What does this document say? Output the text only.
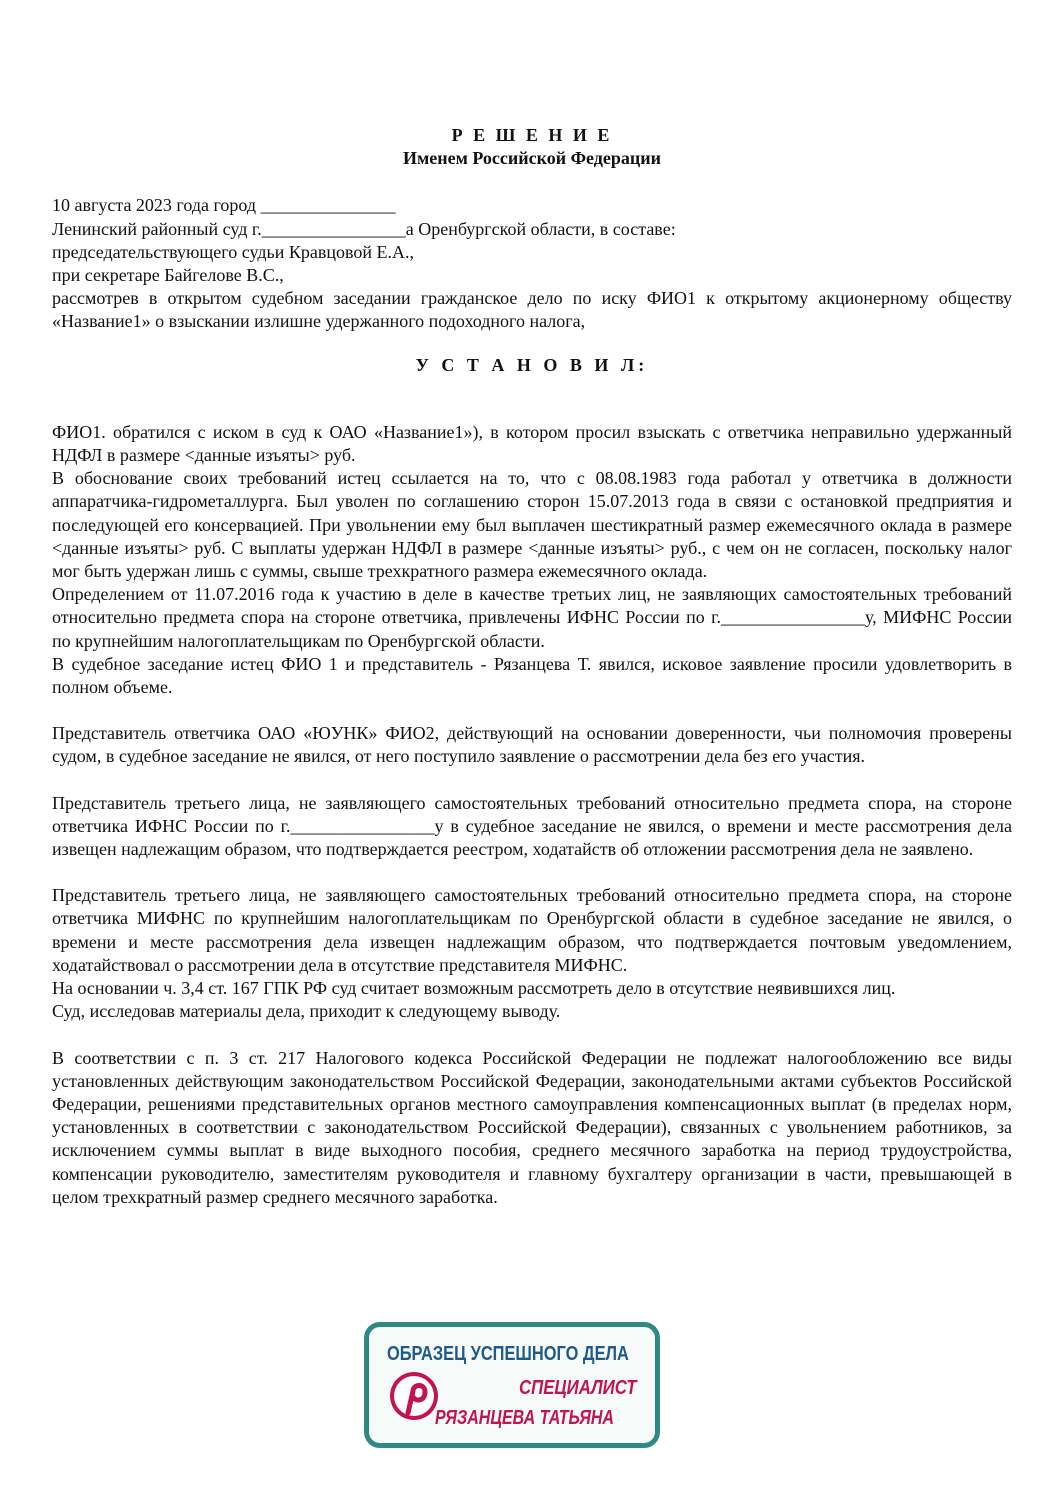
Р Е Ш Е Н И Е

Именем Российской Федерации

10 августа 2023 года город _______________

Ленинский районный суд г.________________а Оренбургской области, в составе:

председательствующего судьи Кравцовой Е.А.,

при секретаре Байгелове В.С.,

рассмотрев в открытом судебном заседании гражданское дело по иску ФИО1 к открытому акционерному обществу «Название1» о взыскании излишне удержанного подоходного налога,

У С Т А Н О В И Л:

ФИО1. обратился с иском в суд к ОАО «Название1»), в котором просил взыскать с ответчика неправильно удержанный НДФЛ в размере <данные изъяты> руб.

В обоснование своих требований истец ссылается на то, что с 08.08.1983 года работал у ответчика в должности аппаратчика-гидрометаллурга. Был уволен по соглашению сторон 15.07.2013 года в связи с остановкой предприятия и последующей его консервацией. При увольнении ему был выплачен шестикратный размер ежемесячного оклада в размере <данные изъяты> руб. С выплаты удержан НДФЛ в размере <данные изъяты> руб., с чем он не согласен, поскольку налог мог быть удержан лишь с суммы, свыше трехкратного размера ежемесячного оклада.

Определением от 11.07.2016 года к участию в деле в качестве третьих лиц, не заявляющих самостоятельных требований относительно предмета спора на стороне ответчика, привлечены ИФНС России по г.________________у, МИФНС России по крупнейшим налогоплательщикам по Оренбургской области.

В судебное заседание истец ФИО 1 и представитель - Рязанцева Т. явился, исковое заявление просили удовлетворить в полном объеме.

Представитель ответчика ОАО «ЮУНК» ФИО2, действующий на основании доверенности, чьи полномочия проверены судом, в судебное заседание не явился, от него поступило заявление о рассмотрении дела без его участия.

Представитель третьего лица, не заявляющего самостоятельных требований относительно предмета спора, на стороне ответчика ИФНС России по г.________________у в судебное заседание не явился, о времени и месте рассмотрения дела извещен надлежащим образом, что подтверждается реестром, ходатайств об отложении рассмотрения дела не заявлено.

Представитель третьего лица, не заявляющего самостоятельных требований относительно предмета спора, на стороне ответчика МИФНС по крупнейшим налогоплательщикам по Оренбургской области в судебное заседание не явился, о времени и месте рассмотрения дела извещен надлежащим образом, что подтверждается почтовым уведомлением, ходатайствовал о рассмотрении дела в отсутствие представителя МИФНС.

На основании ч. 3,4 ст. 167 ГПК РФ суд считает возможным рассмотреть дело в отсутствие неявившихся лиц.

Суд, исследовав материалы дела, приходит к следующему выводу.

В соответствии с п. 3 ст. 217 Налогового кодекса Российской Федерации не подлежат налогообложению все виды установленных действующим законодательством Российской Федерации, законодательными актами субъектов Российской Федерации, решениями представительных органов местного самоуправления компенсационных выплат (в пределах норм, установленных в соответствии с законодательством Российской Федерации), связанных с увольнением работников, за исключением суммы выплат в виде выходного пособия, среднего месячного заработка на период трудоустройства, компенсации руководителю, заместителям руководителя и главному бухгалтеру организации в части, превышающей в целом трехкратный размер среднего месячного заработка.

ОБРАЗЕЦ УСПЕШНОГО ДЕЛА
СПЕЦИАЛИСТ
РЯЗАНЦЕВА ТАТЬЯНА
